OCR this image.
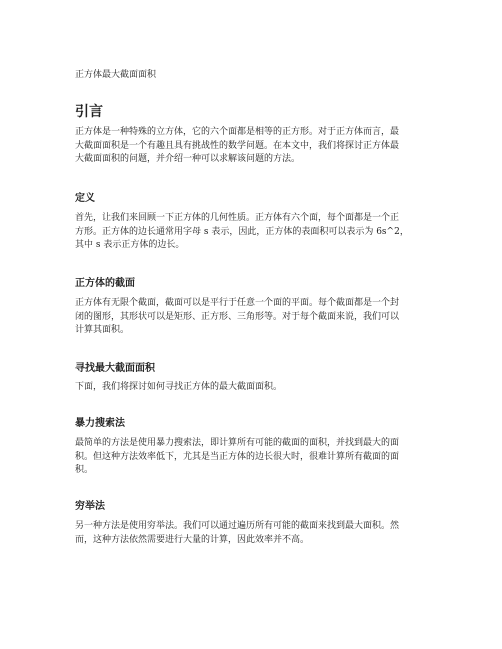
正方体最大截面面积
引言
正方体是一种特殊的立方体，它的六个面都是相等的正方形。对于正方体而言，最
大截面面积是一个有趣且具有挑战性的数学问题。在本文中，我们将探讨正方体最
大截面面积的问题，并介绍一种可以求解该问题的方法。
定义
首先，让我们来回顾一下正方体的几何性质。正方体有六个面，每个面都是一个正
方形。正方体的边长通常用字母 s 表示，因此，正方体的表面积可以表示为 6s^2，
其中 s 表示正方体的边长。
正方体的截面
正方体有无限个截面，截面可以是平行于任意一个面的平面。每个截面都是一个封
闭的图形，其形状可以是矩形、正方形、三角形等。对于每个截面来说，我们可以
计算其面积。
寻找最大截面面积
下面，我们将探讨如何寻找正方体的最大截面面积。
暴力搜索法
最简单的方法是使用暴力搜索法，即计算所有可能的截面的面积，并找到最大的面
积。但这种方法效率低下，尤其是当正方体的边长很大时，很难计算所有截面的面
积。
穷举法
另一种方法是使用穷举法。我们可以通过遍历所有可能的截面来找到最大面积。然
而，这种方法依然需要进行大量的计算，因此效率并不高。
